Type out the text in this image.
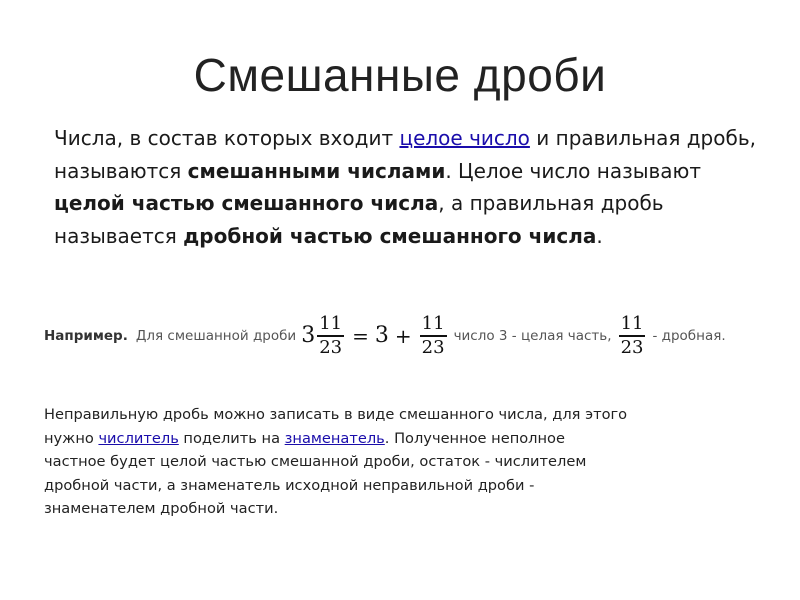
Смешанные дроби
Числа, в состав которых входит целое число и правильная дробь, называются смешанными числами. Целое число называют целой частью смешанного числа, а правильная дробь называется дробной частью смешанного числа.
Например. Для смешанной дроби $3 \frac{11}{23} = 3 + \frac{11}{23}$ число 3 - целая часть, $\frac{11}{23}$ - дробная.
Неправильную дробь можно записать в виде смешанного числа, для этого
нужно числитель поделить на знаменатель. Полученное неполное
частное будет целой частью смешанной дроби, остаток - числителем
дробной части, а знаменатель исходной неправильной дроби -
знаменателем дробной части.
